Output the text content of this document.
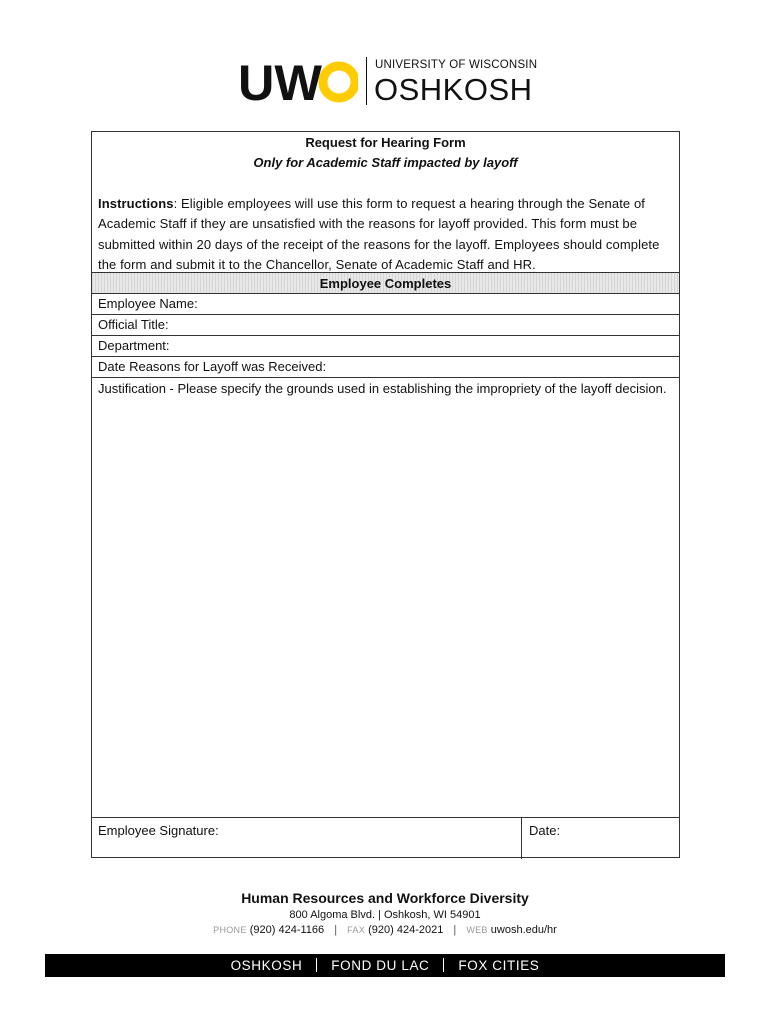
UW	UNIVERSITY OF WISCONSIN
OSHKOSH
Request for Hearing Form
Only for Academic Staff impacted by layoff
Instructions: Eligible employees will use this form to request a hearing through the Senate of Academic Staff if they are unsatisfied with the reasons for layoff provided. This form must be submitted within 20 days of the receipt of the reasons for the layoff. Employees should complete the form and submit it to the Chancellor, Senate of Academic Staff and HR.
Employee Completes
Employee Name:
Official Title:
Department:
Date Reasons for Layoff was Received:
Justification - Please specify the grounds used in establishing the impropriety of the layoff decision.
Employee Signature:	Date:
Human Resources and Workforce Diversity
800 Algoma Blvd. | Oshkosh, WI 54901
PHONE (920) 424-1166 | FAX (920) 424-2021 | WEB uwosh.edu/hr
OSHKOSH FOND DU LAC FOX CITIES
